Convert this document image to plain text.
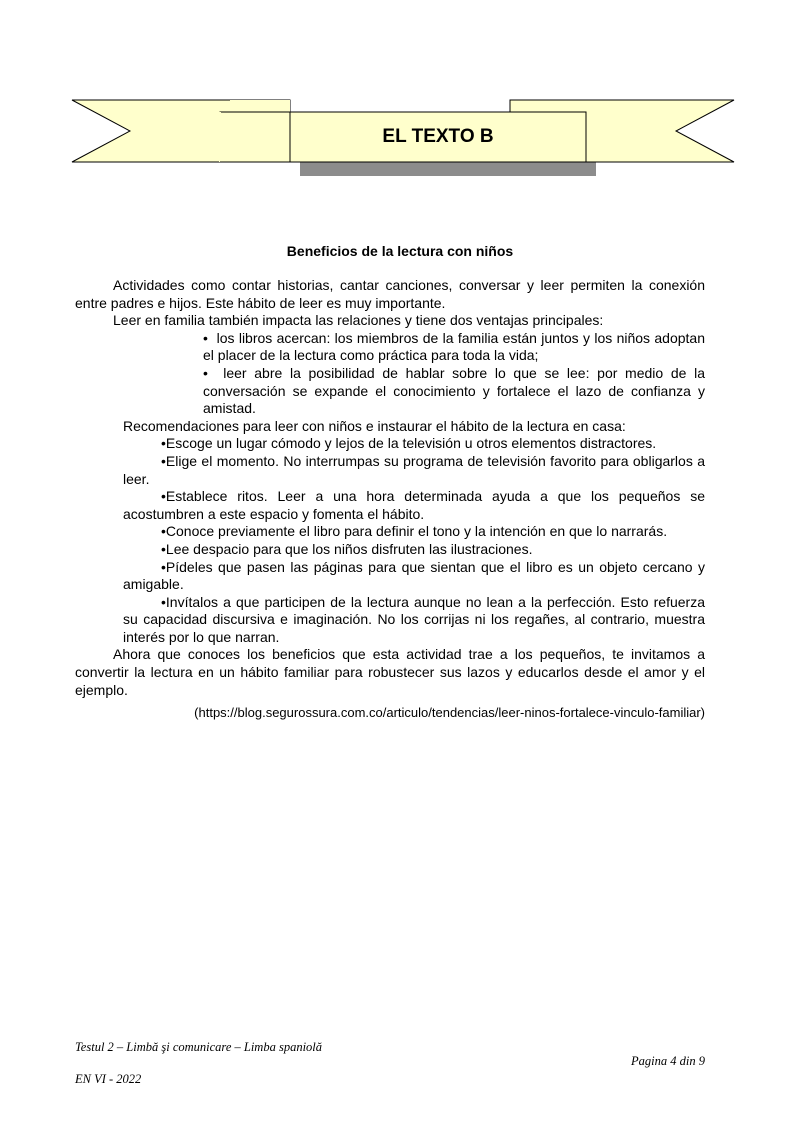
EL TEXTO B
Beneficios de la lectura con niños

Actividades como contar historias, cantar canciones, conversar y leer permiten la conexión entre padres e hijos. Este hábito de leer es muy importante.

Leer en familia también impacta las relaciones y tiene dos ventajas principales:

•  los libros acercan: los miembros de la familia están juntos y los niños adoptan el placer de la lectura como práctica para toda la vida;

•  leer abre la posibilidad de hablar sobre lo que se lee: por medio de la conversación se expande el conocimiento y fortalece el lazo de confianza y amistad.

Recomendaciones para leer con niños e instaurar el hábito de la lectura en casa:

•Escoge un lugar cómodo y lejos de la televisión u otros elementos distractores.

•Elige el momento. No interrumpas su programa de televisión favorito para obligarlos a leer.

•Establece ritos. Leer a una hora determinada ayuda a que los pequeños se acostumbren a este espacio y fomenta el hábito.

•Conoce previamente el libro para definir el tono y la intención en que lo narrarás.

•Lee despacio para que los niños disfruten las ilustraciones.

•Pídeles que pasen las páginas para que sientan que el libro es un objeto cercano y amigable.

•Invítalos a que participen de la lectura aunque no lean a la perfección. Esto refuerza su capacidad discursiva e imaginación. No los corrijas ni los regañes, al contrario, muestra interés por lo que narran.

Ahora que conoces los beneficios que esta actividad trae a los pequeños, te invitamos a convertir la lectura en un hábito familiar para robustecer sus lazos y educarlos desde el amor y el ejemplo.

(https://blog.segurossura.com.co/articulo/tendencias/leer-ninos-fortalece-vinculo-familiar)
Testul 2 – Limbă şi comunicare – Limba spaniolă
Pagina 4 din 9
EN VI - 2022
